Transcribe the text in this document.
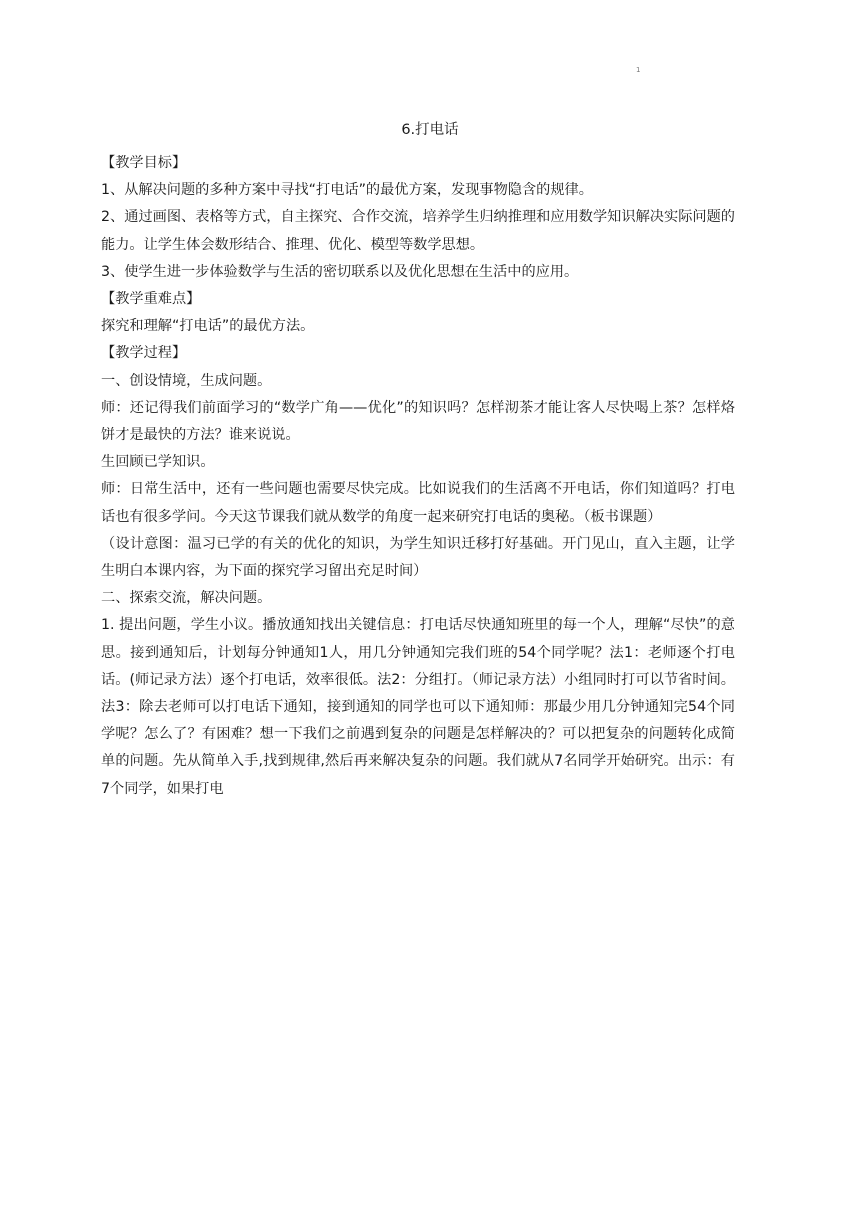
1
6.打电话

【教学目标】

1、从解决问题的多种方案中寻找“打电话”的最优方案，发现事物隐含的规律。

2、通过画图、表格等方式，自主探究、合作交流，培养学生归纳推理和应用数学知识解决实际问题的能力。让学生体会数形结合、推理、优化、模型等数学思想。

3、使学生进一步体验数学与生活的密切联系以及优化思想在生活中的应用。

【教学重难点】

探究和理解“打电话”的最优方法。

【教学过程】

一、创设情境，生成问题。

师：还记得我们前面学习的“数学广角——优化”的知识吗？怎样沏茶才能让客人尽快喝上茶？怎样烙饼才是最快的方法？谁来说说。

生回顾已学知识。

师：日常生活中，还有一些问题也需要尽快完成。比如说我们的生活离不开电话，你们知道吗？打电话也有很多学问。今天这节课我们就从数学的角度一起来研究打电话的奥秘。（板书课题）

（设计意图：温习已学的有关的优化的知识，为学生知识迁移打好基础。开门见山，直入主题，让学生明白本课内容，为下面的探究学习留出充足时间）

二、探索交流，解决问题。

1. 提出问题，学生小议。播放通知找出关键信息：打电话尽快通知班里的每一个人，理解“尽快”的意思。接到通知后，计划每分钟通知1人，用几分钟通知完我们班的54个同学呢？法1：老师逐个打电话。(师记录方法）逐个打电话，效率很低。法2：分组打。（师记录方法）小组同时打可以节省时间。法3：除去老师可以打电话下通知，接到通知的同学也可以下通知师：那最少用几分钟通知完54个同学呢？怎么了？有困难？想一下我们之前遇到复杂的问题是怎样解决的？可以把复杂的问题转化成简单的问题。先从简单入手,找到规律,然后再来解决复杂的问题。我们就从7名同学开始研究。出示：有7个同学，如果打电
